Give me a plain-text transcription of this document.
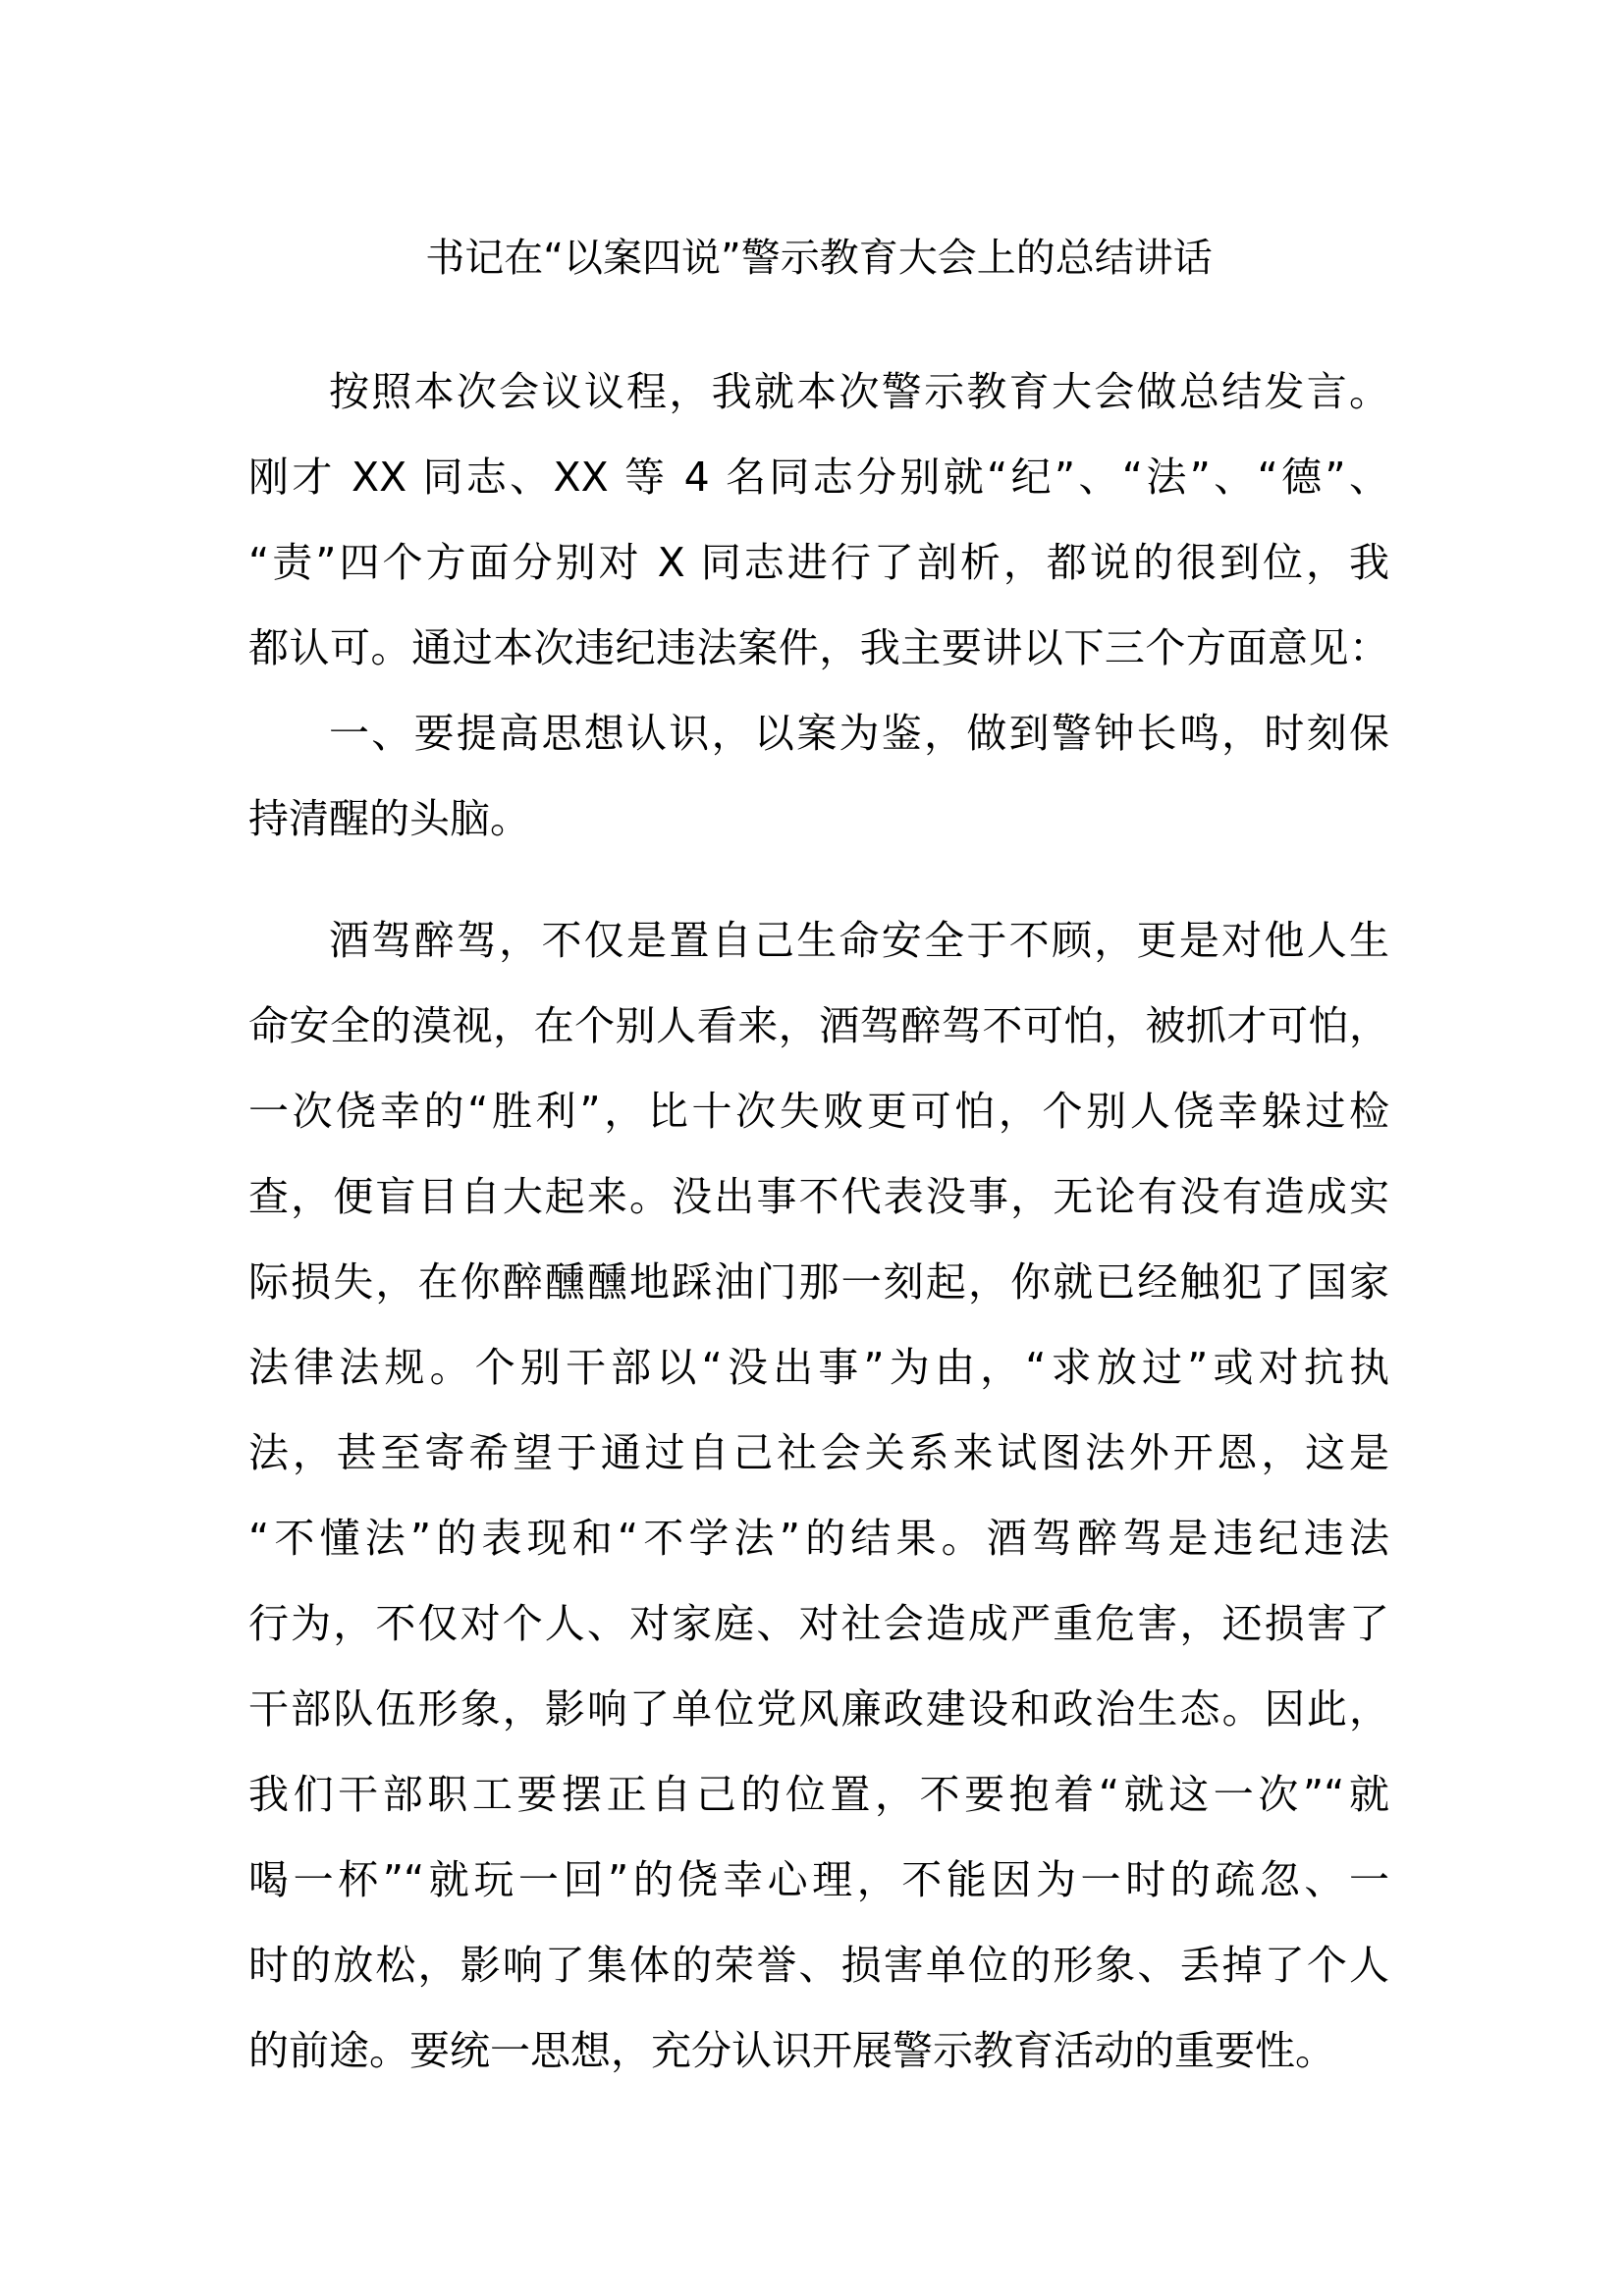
书记在“以案四说”警示教育大会上的总结讲话
按照本次会议议程，我就本次警示教育大会做总结发言。
刚才 XX 同志、XX 等 4 名同志分别就“纪”、“法”、“德”、
“责”四个方面分别对 X 同志进行了剖析，都说的很到位，我
都认可。通过本次违纪违法案件，我主要讲以下三个方面意见：
一、要提高思想认识，以案为鉴，做到警钟长鸣，时刻保
持清醒的头脑。
酒驾醉驾，不仅是置自己生命安全于不顾，更是对他人生
命安全的漠视，在个别人看来，酒驾醉驾不可怕，被抓才可怕，
一次侥幸的“胜利”，比十次失败更可怕，个别人侥幸躲过检
查，便盲目自大起来。没出事不代表没事，无论有没有造成实
际损失，在你醉醺醺地踩油门那一刻起，你就已经触犯了国家
法律法规。个别干部以“没出事”为由，“求放过”或对抗执
法，甚至寄希望于通过自己社会关系来试图法外开恩，这是
“不懂法”的表现和“不学法”的结果。酒驾醉驾是违纪违法
行为，不仅对个人、对家庭、对社会造成严重危害，还损害了
干部队伍形象，影响了单位党风廉政建设和政治生态。因此，
我们干部职工要摆正自己的位置，不要抱着“就这一次”“就
喝一杯”“就玩一回”的侥幸心理，不能因为一时的疏忽、一
时的放松，影响了集体的荣誉、损害单位的形象、丢掉了个人
的前途。要统一思想，充分认识开展警示教育活动的重要性。
